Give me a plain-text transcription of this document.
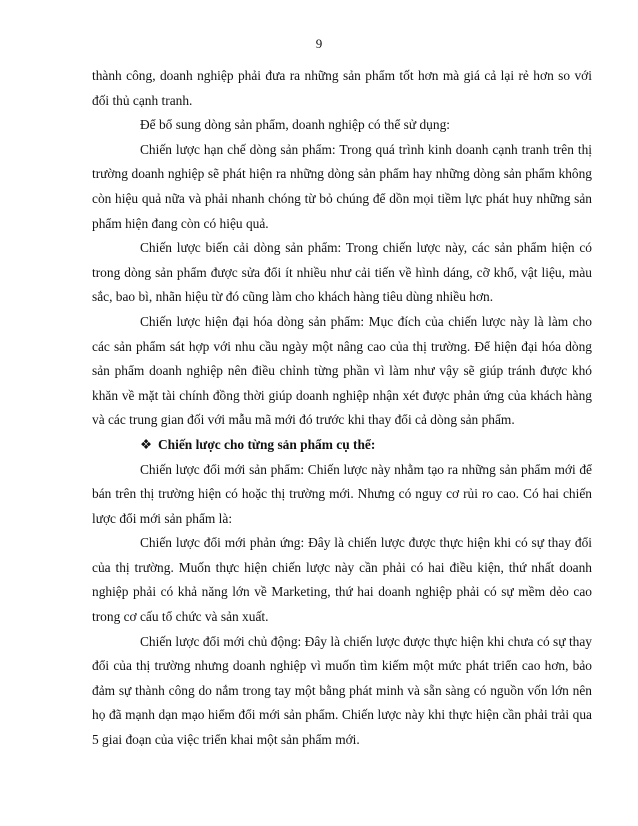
9

thành công, doanh nghiệp phải đưa ra những sản phẩm tốt hơn mà giá cả lại rẻ hơn so với đối thủ cạnh tranh.

Để bổ sung dòng sản phẩm, doanh nghiệp có thể sử dụng:

Chiến lược hạn chế dòng sản phẩm: Trong quá trình kinh doanh cạnh tranh trên thị trường doanh nghiệp sẽ phát hiện ra những dòng sản phẩm hay những dòng sản phẩm không còn hiệu quả nữa và phải nhanh chóng từ bỏ chúng để dồn mọi tiềm lực phát huy những sản phẩm hiện đang còn có hiệu quả.

Chiến lược biến cải dòng sản phẩm: Trong chiến lược này, các sản phẩm hiện có trong dòng sản phẩm được sửa đổi ít nhiều như cải tiến về hình dáng, cỡ khổ, vật liệu, màu sắc, bao bì, nhãn hiệu từ đó cũng làm cho khách hàng tiêu dùng nhiều hơn.

Chiến lược hiện đại hóa dòng sản phẩm: Mục đích của chiến lược này là làm cho các sản phẩm sát hợp với nhu cầu ngày một nâng cao của thị trường. Để hiện đại hóa dòng sản phẩm doanh nghiệp nên điều chỉnh từng phần vì làm như vậy sẽ giúp tránh được khó khăn về mặt tài chính đồng thời giúp doanh nghiệp nhận xét được phản ứng của khách hàng và các trung gian đối với mẫu mã mới đó trước khi thay đổi cả dòng sản phẩm.

❖ Chiến lược cho từng sản phẩm cụ thể:

Chiến lược đổi mới sản phẩm: Chiến lược này nhằm tạo ra những sản phẩm mới để bán trên thị trường hiện có hoặc thị trường mới. Nhưng có nguy cơ rủi ro cao. Có hai chiến lược đổi mới sản phẩm là:

Chiến lược đổi mới phản ứng: Đây là chiến lược được thực hiện khi có sự thay đổi của thị trường. Muốn thực hiện chiến lược này cần phải có hai điều kiện, thứ nhất doanh nghiệp phải có khả năng lớn về Marketing, thứ hai doanh nghiệp phải có sự mềm dẻo cao trong cơ cấu tổ chức và sản xuất.

Chiến lược đổi mới chủ động: Đây là chiến lược được thực hiện khi chưa có sự thay đổi của thị trường nhưng doanh nghiệp vì muốn tìm kiếm một mức phát triển cao hơn, bảo đảm sự thành công do nắm trong tay một bằng phát minh và sẵn sàng có nguồn vốn lớn nên họ đã mạnh dạn mạo hiểm đổi mới sản phẩm. Chiến lược này khi thực hiện cần phải trải qua 5 giai đoạn của việc triển khai một sản phẩm mới.
